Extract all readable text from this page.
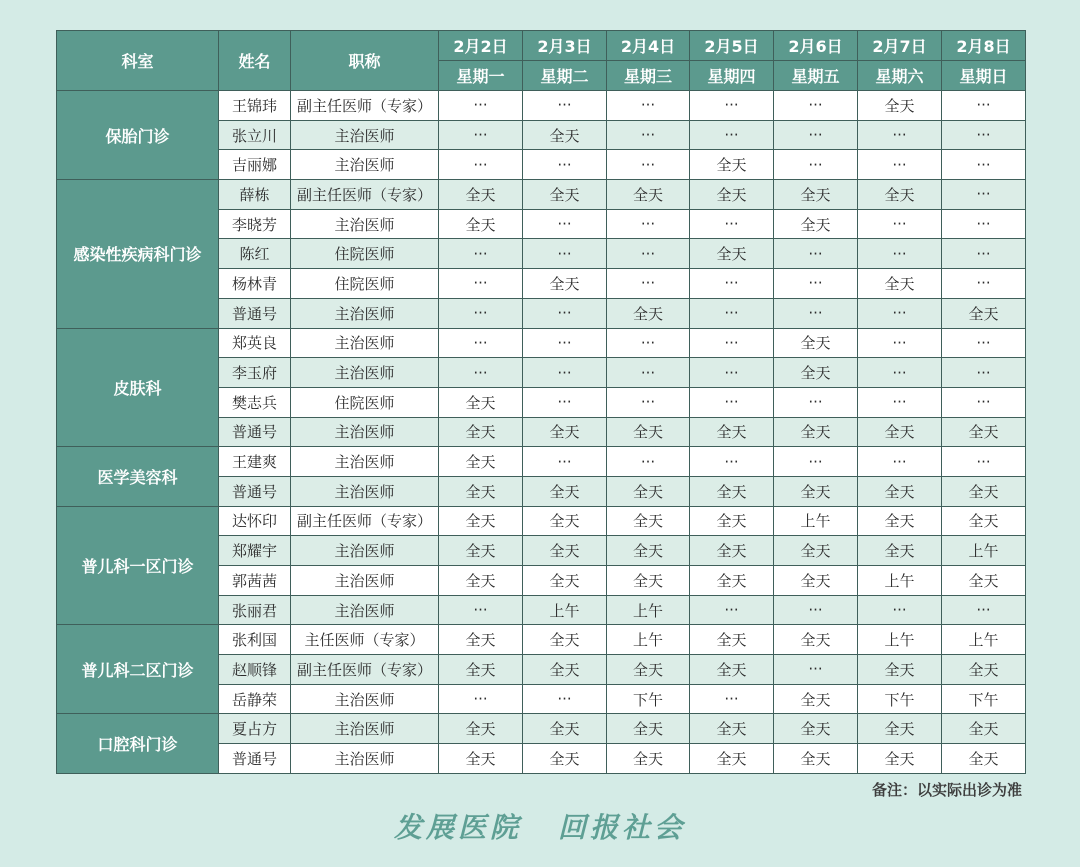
科室	姓名	职称	2月2日	2月3日	2月4日	2月5日	2月6日	2月7日	2月8日
			星期一	星期二	星期三	星期四	星期五	星期六	星期日
保胎门诊	王锦玮	副主任医师（专家）	···	···	···	···	···	全天	···
	张立川	主治医师	···	全天	···	···	···	···	···
	吉丽娜	主治医师	···	···	···	全天	···	···	···
感染性疾病科门诊	薛栋	副主任医师（专家）	全天	全天	全天	全天	全天	全天	···
	李晓芳	主治医师	全天	···	···	···	全天	···	···
	陈红	住院医师	···	···	···	全天	···	···	···
	杨林青	住院医师	···	全天	···	···	···	全天	···
	普通号	主治医师	···	···	全天	···	···	···	全天
皮肤科	郑英良	主治医师	···	···	···	···	全天	···	···
	李玉府	主治医师	···	···	···	···	全天	···	···
	樊志兵	住院医师	全天	···	···	···	···	···	···
	普通号	主治医师	全天	全天	全天	全天	全天	全天	全天
医学美容科	王建爽	主治医师	全天	···	···	···	···	···	···
	普通号	主治医师	全天	全天	全天	全天	全天	全天	全天
普儿科一区门诊	达怀印	副主任医师（专家）	全天	全天	全天	全天	上午	全天	全天
	郑耀宇	主治医师	全天	全天	全天	全天	全天	全天	上午
	郭茜茜	主治医师	全天	全天	全天	全天	全天	上午	全天
	张丽君	主治医师	···	上午	上午	···	···	···	···
普儿科二区门诊	张利国	主任医师（专家）	全天	全天	上午	全天	全天	上午	上午
	赵顺锋	副主任医师（专家）	全天	全天	全天	全天	···	全天	全天
	岳静荣	主治医师	···	···	下午	···	全天	下午	下午
口腔科门诊	夏占方	主治医师	全天	全天	全天	全天	全天	全天	全天
	普通号	主治医师	全天	全天	全天	全天	全天	全天	全天
备注：以实际出诊为准
发展医院 回报社会
